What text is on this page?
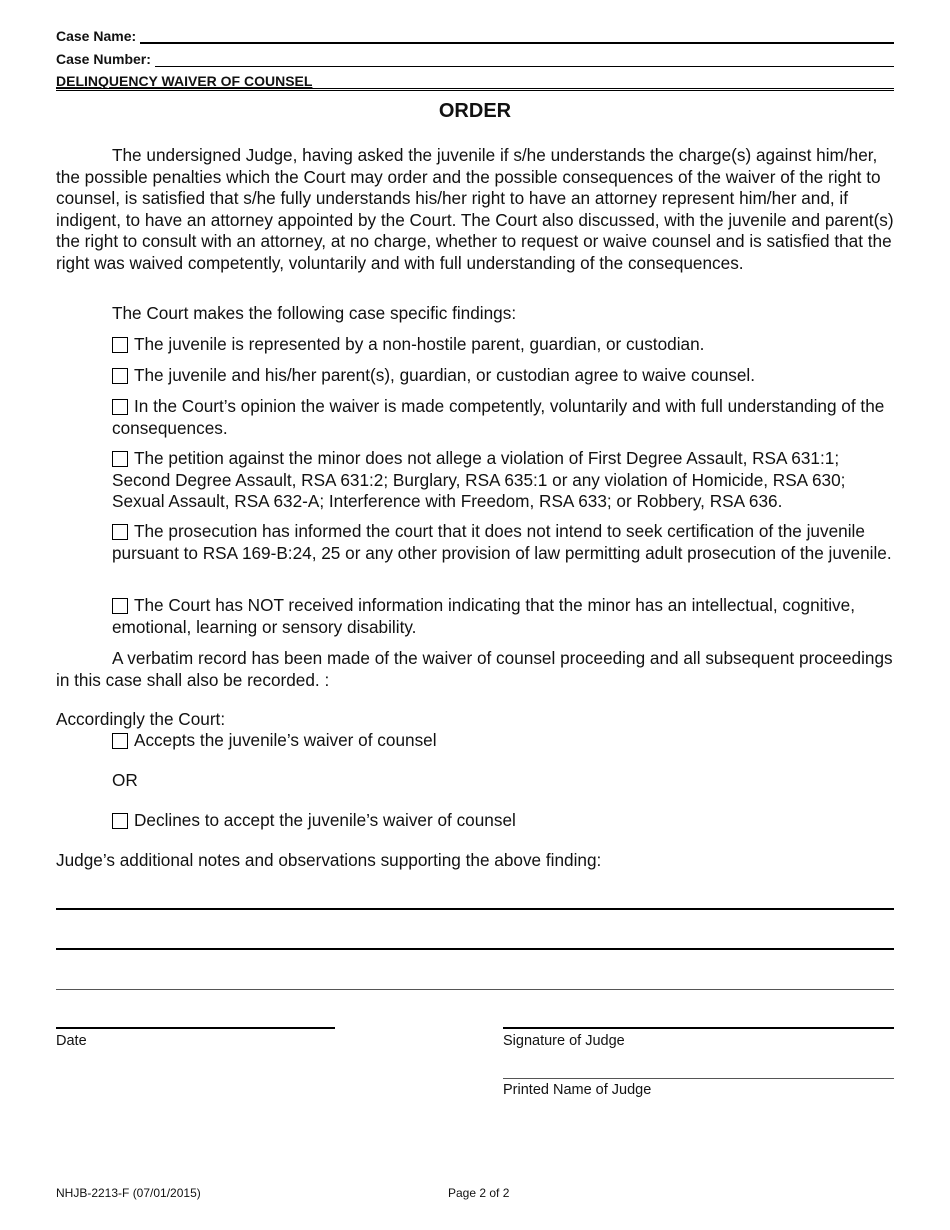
Case Name:
Case Number:
DELINQUENCY WAIVER OF COUNSEL
ORDER
The undersigned Judge, having asked the juvenile if s/he understands the charge(s) against him/her, the possible penalties which the Court may order and the possible consequences of the waiver of the right to counsel, is satisfied that s/he fully understands his/her right to have an attorney represent him/her and, if indigent, to have an attorney appointed by the Court. The Court also discussed, with the juvenile and parent(s) the right to consult with an attorney, at no charge, whether to request or waive counsel and is satisfied that the right was waived competently, voluntarily and with full understanding of the consequences.
The Court makes the following case specific findings:
The juvenile is represented by a non-hostile parent, guardian, or custodian.
The juvenile and his/her parent(s), guardian, or custodian agree to waive counsel.
In the Court’s opinion the waiver is made competently, voluntarily and with full understanding of the consequences.
The petition against the minor does not allege a violation of First Degree Assault, RSA 631:1; Second Degree Assault, RSA 631:2; Burglary, RSA 635:1 or any violation of Homicide, RSA 630; Sexual Assault, RSA 632-A; Interference with Freedom, RSA 633; or Robbery, RSA 636.
The prosecution has informed the court that it does not intend to seek certification of the juvenile pursuant to RSA 169-B:24, 25 or any other provision of law permitting adult prosecution of the juvenile.
The Court has NOT received information indicating that the minor has an intellectual, cognitive, emotional, learning or sensory disability.
A verbatim record has been made of the waiver of counsel proceeding and all subsequent proceedings in this case shall also be recorded. :
Accordingly the Court:
Accepts the juvenile’s waiver of counsel
OR
Declines to accept the juvenile’s waiver of counsel
Judge’s additional notes and observations supporting the above finding:
Date	Signature of Judge
Printed Name of Judge
NHJB-2213-F (07/01/2015)	Page 2 of 2
